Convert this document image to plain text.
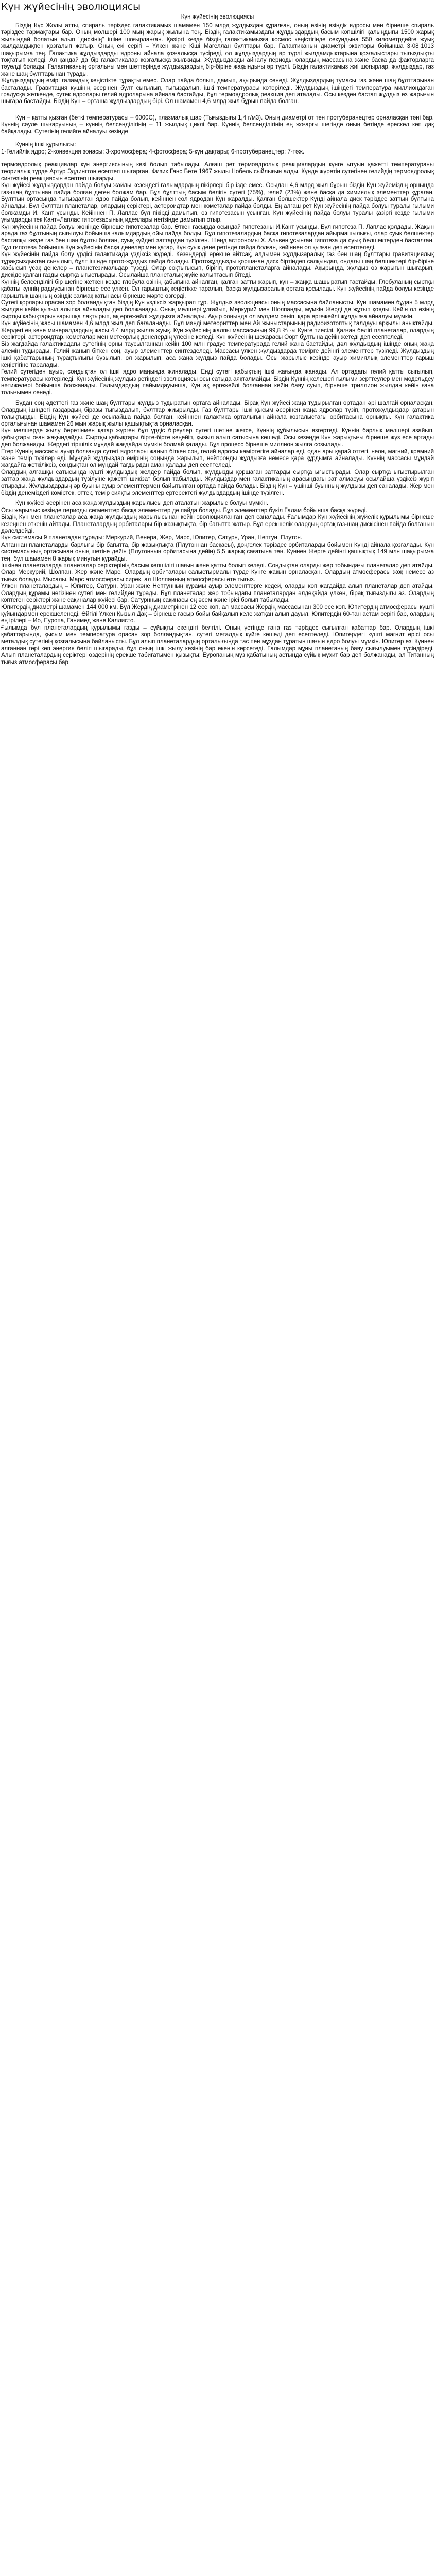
Күн жүйесінің эволюциясы
Күн жүйесінің эволюциясы

Біздің Күс Жолы атты, спираль тәріздес галактикамыз шамамен 150 млрд жұлдыздан құралған, оның өзінің өзіндік ядросы мен бірнеше спираль тәріздес тармақтары бар. Оның мөлшері 100 мың жарық жылына тең. Біздің галактикамыздағы жұлдыздардың басым көпшілігі қалыңдығы 1500 жарық жылындай болатын алып "дискінің" ішіне шоғырланған. Қазіргі кезде біздің галактикамызға космос кеңістігінде секундына 550 километрдейге жуық жылдамдықпен қозғалып жатыр. Оның екі серігі – Үлкен және Кіші Магеллан бұлттары бар. Галактиканың диаметрі эквиторы бойынша 3·08·1013 шақырымға тең. Галактика жұлдыздарды ядроны айнала қозғалысқа түсіреді, ол жұлдыздардың әр түрлі жылдамдықтарына қозғалыстары тығыздықты тоқтатып келеді. Ал қандай да бір галактикалар қозғалысқа жылжиды. Жұлдыздарды айналу периоды олардың массасына және басқа да факторларға тәуелді болады. Галактиканың орталығы мен шеттерінде жұлдыздардың бір-біріне жақындығы әр түрлі. Біздің галактикамыз жиі шоғырлар, жұлдыздар, газ және шаң бұлттарынан тұрады.

Жұлдыздардың өмірі ғаламдық кеңістікте тұрақты емес. Олар пайда болып, дамып, ақырында сөнеді. Жұлдыздардың тумасы газ және шаң бұлттарынан басталады. Гравитация күшінің әсерінен бұлт сығылып, тығыздалып, ішкі температурасы көтеріледі. Жұлдыздың ішіндегі температура миллиондаған градусқа жеткенде, сутек ядролары гелий ядроларына айнала бастайды, бұл термоядролық реакция деп аталады. Осы кезден бастап жұлдыз өз жарығын шығара бастайды. Біздің Күн – орташа жұлдыздардың бірі. Ол шамамен 4,6 млрд жыл бұрын пайда болған.

Күн – қатты қызған (беткі температурасы – 6000С), плазмалық шар (Тығыздығы 1,4 г/м3). Оның диаметрі от тен протуберанецтер орналасқан тәні бар. Күннің сәуле шығаруының – күннің белсенділігінің – 11 жылдық циклі бар. Күннің белсенділігінің ең жоғарғы шегінде оның бетінде өрескел көп дақ байқалады. Сутегінің гелийге айналуы кезінде

Күннің ішкі құрылысы:

1-Гелийлік ядро; 2-конвекция зонасы; 3-хромосфера; 4-фотосфера; 5-күн дақтары; 6-протуберанецтер; 7-тәж.

термоядролық реакциялар күн энергиясының көзі болып табылады. Алғаш рет термоядролық реакциялардың күнге ытуын қажетті температураны теориялық түрде Артур Эддингтон есептеп шығарған. Физик Ганс Бете 1967 жылы Нобель сыйлығын алды. Күнде жүретін сутегінен гелийдің термоядролық синтезінің реакциясын есептеп шығарды.

Күн жүйесі жұлдыздардан пайда болуы жайлы кезеңдегі ғалымдардың пікірлері бір ізде емес. Осыдан 4,6 млрд жыл бұрын біздің Күн жүйеміздің орнында газ-шаң бұлтынан пайда болған деген болжам бар. Бұл бұлттың басым бөлігін сутегі (75%), гелий (23%) және басқа да химиялық элементтер құраған. Бұлттың ортасында тығыздалған ядро пайда болып, кейіннен сол ядродан Күн жаралды. Қалған бөлшектер Күнді айнала диск тәріздес заттың бұлтына айналды. Бұл бұлттан планеталар, олардың серіктері, астероидтар мен кометалар пайда болды. Ең алғаш рет Күн жүйесінің пайда болуы туралы ғылыми болжамды И. Кант ұсынды. Кейіннен П. Лаплас бұл пікірді дамытып, өз гипотезасын ұсынған. Күн жүйесінің пайда болуы туралы қазіргі кезде ғылыми ұғымдарды тек Кант–Лаплас гипотезасының идеялары негізінде дамытып отыр.

Күн жүйесінің пайда болуы жөнінде бірнеше гипотезалар бар. Өткен ғасырда осындай гипотезаны И.Кант ұсынды. Бұл гипотеза П. Лаплас қолдады. Жақын арада газ бұлтының сығылуы бойынша ғалымдардың ойы пайда болды. Бұл гипотезалардың басқа гипотезалардан айырмашылығы, олар суық бөлшектер бастапқы кезде газ бен шаң бұлты болған, суық күйдегі заттардан түзілген. Шеңд астрономы Х. Альвен ұсынған гипотеза да суық бөлшектерден басталған. Бұл гипотеза бойынша Күн жүйесінің басқа денелерімен қатар, Күн суық дене ретінде пайда болған, кейіннен ол қызған деп есептеледі.

Күн жүйесінің пайда болу үрдісі галактикада үздіксіз жүреді. Кезеңдерді ерекше айтсақ, алдымен жұлдызаралық газ бен шаң бұлттары гравитациялық тұрақсыздықтан сығылып, бұлт ішінде прото-жұлдыз пайда болады. Протожұлдызды қоршаған диск біртіндеп салқындап, ондағы шаң бөлшектері бір-біріне жабысып ұсақ денелер – планетезимальдар түзеді. Олар соқтығысып, бірігіп, протопланеталарға айналады. Ақырында, жұлдыз өз жарығын шығарып, дискіде қалған газды сыртқа ығыстырады. Осылайша планеталық жүйе қалыптасып бітеді.

Күннің белсенділігі бір шегіне жеткен кезде глобула өзінің қабығына айналған, қалған затты жарып, күн – жаңқа шашыратып тастайды. Глобуланың сыртқы қабаты күннің радиусынан бірнеше есе үлкен. Ол ғарыштық кеңістікке таралып, басқа жұлдызаралық ортаға қосылады. Күн жүйесінің пайда болуы кезінде ғарыштық шаңның өзіндік салмақ қатынасы бірнеше мәрте өзгерді.

Сутегі қорлары орасан зор болғандықтан біздің Күн үздіксіз жарқырап тұр. Жұлдыз эволюциясы оның массасына байланысты. Күн шамамен бұдан 5 млрд жылдан кейін қызыл алыпқа айналады деп болжанады. Оның мөлшері ұлғайып, Меркурий мен Шолпанды, мүмкін Жерді де жұтып қояды. Кейін ол өзінің сыртқы қабықтарын ғарышқа лақтырып, ақ ергежейлі жұлдызға айналады. Ақыр соңында ол мүлдем сөніп, қара ергежейлі жұлдызға айналуы мүмкін.

Күн жүйесінің жасы шамамен 4,6 млрд жыл деп бағаланады. Бұл мәнді метеориттер мен Ай жыныстарының радиоизотоптық талдауы арқылы анықтайды. Жердегі ең көне минералдардың жасы 4,4 млрд жылға жуық. Күн жүйесінің жалпы массасының 99,8 % -ы Күнге тиесілі. Қалған бөлігі планеталар, олардың серіктері, астероидтар, кометалар мен метеорлық денелердің үлесіне келеді. Күн жүйесінің шекарасы Оорт бұлтына дейін жетеді деп есептеледі.

Біз жағдайда галактикадағы сутегінің орны таусылғаннан кейін 100 млн градус температурада гелий жана бастайды, дәл жұлдыздың ішінде оның жаңа әлемін тудырады. Гелий жанып біткен соң, ауыр элементтер синтезделеді. Массасы үлкен жұлдыздарда темірге дейінгі элементтер түзіледі. Жұлдыздың ішкі қабаттарының тұрақтылығы бұзылып, ол жарылып, аса жаңа жұлдыз пайда болады. Осы жарылыс кезінде ауыр химиялық элементтер ғарыш кеңістігіне таралады.

Гелий сутегіден ауыр, сондықтан ол ішкі ядро маңында жиналады. Енді сутегі қабықтың ішкі жағында жанады. Ал ортадағы гелий қатты сығылып, температурасы көтеріледі. Күн жүйесінің жұлдыз ретіндегі эволюциясы осы сатыда аяқталмайды. Біздің Күннің келешегі ғылыми зерттеулер мен модельдеу нәтижелері бойынша болжанады. Ғалымдардың пайымдауынша, Күн ақ ергежейлі болғаннан кейін баяу суып, бірнеше триллион жылдан кейін ғана толығымен сөнеді.

Бұдан соң әдеттегі газ және шаң бұлттары жұлдыз тудыратын ортаға айналады. Бірақ Күн жүйесі жаңа тудырылған ортадан әрі шалғай орналасқан. Олардың ішіндегі газдардың біразы тығыздалып, бұлттар жиырылды. Газ бұлттары ішкі қысым әсерінен жаңа ядролар түзіп, протожұлдыздар қатарын толықтырды. Біздің Күн жүйесі де осылайша пайда болған, кейіннен галактика орталығын айнала қозғалыстағы орбитасына орнықты. Күн галактика орталығынан шамамен 26 мың жарық жылы қашықтықта орналасқан.

Күн мөлшерде жылу беретінмен қатар жүрген бұл үрдіс біреулер сутегі шетіне жетсе, Күннің құбылысын өзгертеді. Күннің барлық мөлшері азайып, қабықтары оған жақындайды. Сыртқы қабықтары бірте-бірте кеңейіп, қызыл алып сатысына көшеді. Осы кезеңде Күн жарықтығы бірнеше жүз есе артады деп болжанады. Жердегі тіршілік мұндай жағдайда мүмкін болмай қалады. Бұл процесс бірнеше миллион жылға созылады.

Егер Күннің массасы ауыр болғанда сутегі ядролары жанып біткен соң, гелий ядросы көміртегіге айналар еді, одан ары қарай оттегі, неон, магний, кремний және темір түзілер еді. Мұндай жұлдыздар өмірінің соңында жарылып, нейтронды жұлдызға немесе қара құрдымға айналады. Күннің массасы мұндай жағдайға жеткіліксіз, сондықтан ол мұндай тағдырдан аман қалады деп есептеледі.

Олардың алғашқы сатысында күшті жұлдыздық желдер пайда болып, жұлдызды қоршаған заттарды сыртқа ығыстырады. Олар сыртқа ығыстырылған заттар жаңа жұлдыздардың түзілуіне қажетті шикізат болып табылады. Жұлдыздар мен галактиканың арасындағы зат алмасуы осылайша үздіксіз жүріп отырады. Жұлдыздардың әр буыны ауыр элементтермен байытылған ортада пайда болады. Біздің Күн – үшінші буынның жұлдызы деп саналады. Жер мен біздің денеміздегі көміртек, оттек, темір сияқты элементтер ертеректегі жұлдыздардың ішінде түзілген.

Күн жүйесі әсерінен аса жаңа жұлдыздың жарылысы деп аталатын жарылыс болуы мүмкін.

Осы жарылыс кезінде периоды сегменттер басқа элементтер де пайда болады. Бұл элементтер бүкіл Ғалам бойынша басқа жүреді.

Біздің Күн мен планеталар аса жаңа жұлдыздың жарылысынан кейін эволюцияланған деп саналады. Ғалымдар Күн жүйесінің жүйелік құрылымы бірнеше кезеңнен өткенін айтады. Планеталардың орбиталары бір жазықтықта, бір бағытта жатыр. Бұл ерекшелік олардың ортақ газ-шаң дискісінен пайда болғанын дәлелдейді.

Күн системасы 9 планетадан тұрады: Меркурий, Венера, Жер, Марс, Юпитер, Сатурн, Уран, Нептун, Плутон.

Алғаннан планеталарды барлығы бір бағытта, бір жазықтықта (Плутоннан басқасы), дөңгелек тәріздес орбиталарды бойымен Күнді айнала қозғалады. Күн системасының ортасынан оның шетіне дейін (Плутонның орбитасына дейін) 5,5 жарық сағатына тең. Күннен Жерге дейінгі қашықтық 149 млн шақырымға тең, бұл шамамен 8 жарық минутын құрайды.

Ішкінен планеталарда планеталар серіктерінің басым көпшілігі шағын және қатты болып келеді. Сондықтан оларды жер тобындағы планеталар деп атайды. Олар Меркурий, Шолпан, Жер және Марс. Олардың орбиталары салыстырмалы түрде Күнге жақын орналасқан. Олардың атмосферасы жоқ немесе аз тығыз болады. Мысалы, Марс атмосферасы сирек, ал Шолпанның атмосферасы өте тығыз.

Үлкен планеталардың – Юпитер, Сатурн, Уран және Нептунның құрамы ауыр элементтерге кедей, оларды көп жағдайда алып планеталар деп атайды. Олардың құрамы негізінен сутегі мен гелийден тұрады. Бұл планеталар жер тобындағы планеталардан әлдеқайда үлкен, бірақ тығыздығы аз. Олардың көптеген серіктері және сақиналар жүйесі бар. Сатурнның сақинасы ең әсем және ірісі болып табылады.

Юпитердің диаметрі шамамен 144 000 км. Бұл Жердің диаметрінен 12 есе көп, ал массасы Жердің массасынан 300 есе көп. Юпитердің атмосферасы күшті құйындармен ерекшеленеді. Әйгілі Үлкен Қызыл Дақ – бірнеше ғасыр бойы байқалып келе жатқан алып дауыл. Юпитердің 60-тан астам серігі бар, олардың ең ірілері – Ио, Еуропа, Ганимед және Каллисто.

Ғылымда бұл планеталардың құрылымы газды – сұйықты екендігі белгілі. Оның үстінде ғана газ тәріздес сығылған қабаттар бар. Олардың ішкі қабаттарында, қысым мен температура орасан зор болғандықтан, сутегі металдық күйге көшеді деп есептеледі. Юпитердегі күшті магнит өрісі осы металдық сутегінің қозғалысына байланысты. Бұл алып планеталардың орталығында тас пен мұздан тұратын шағын ядро болуы мүмкін. Юпитер өзі Күннен алғаннан гөрі көп энергия бөліп шығарады, бұл оның ішкі жылу көзінің бар екенін көрсетеді. Ғалымдар мұны планетаның баяу сығылуымен түсіндіреді. Алып планеталардың серіктері өздерінің ерекше табиғатымен қызықты: Еуропаның мұз қабатының астында сұйық мұхит бар деп болжанады, ал Титанның тығыз атмосферасы бар.
